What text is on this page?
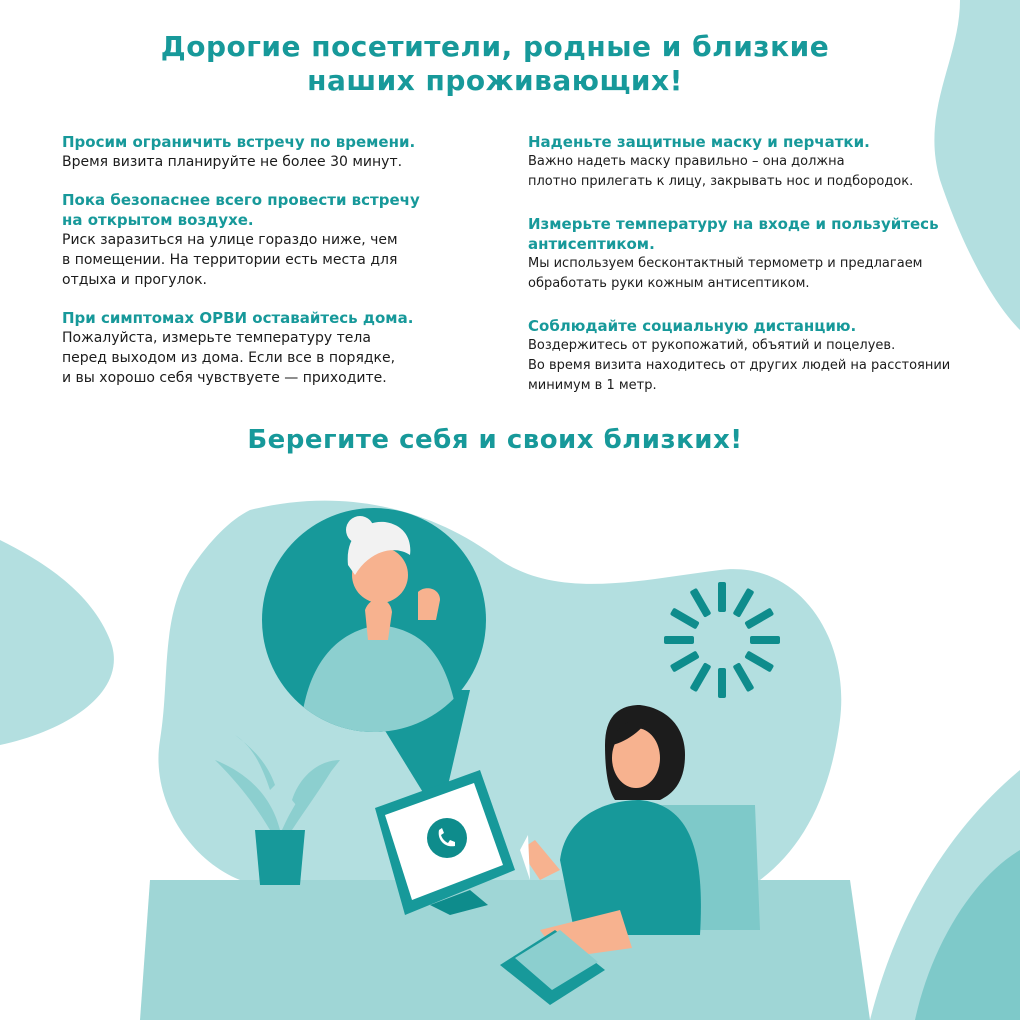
Дорогие посетители, родные и близкие
наших проживающих!
Просим ограничить встречу по времени.
Время визита планируйте не более 30 минут.
Пока безопаснее всего провести встречу
на открытом воздухе.
Риск заразиться на улице гораздо ниже, чем
в помещении. На территории есть места для
отдыха и прогулок.
При симптомах ОРВИ оставайтесь дома.
Пожалуйста, измерьте температуру тела
перед выходом из дома. Если все в порядке,
и вы хорошо себя чувствуете — приходите.
Наденьте защитные маску и перчатки.
Важно надеть маску правильно – она должна
плотно прилегать к лицу, закрывать нос и подбородок.
Измерьте температуру на входе и пользуйтесь
антисептиком.
Мы используем бесконтактный термометр и предлагаем
обработать руки кожным антисептиком.
Соблюдайте социальную дистанцию.
Воздержитесь от рукопожатий, объятий и поцелуев.
Во время визита находитесь от других людей на расстоянии
минимум в 1 метр.
Берегите себя и своих близких!
